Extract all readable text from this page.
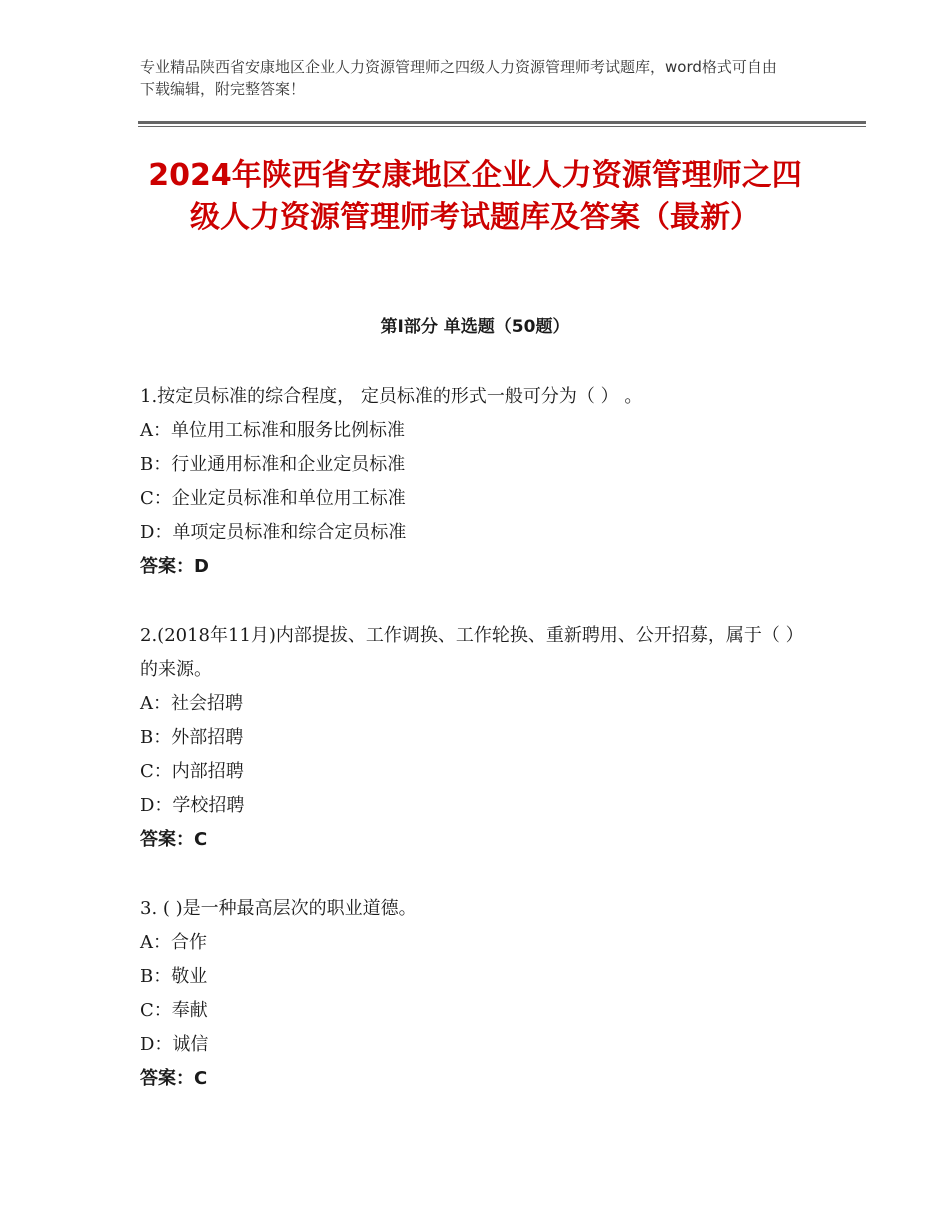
专业精品陕西省安康地区企业人力资源管理师之四级人力资源管理师考试题库，word格式可自由下载编辑，附完整答案！
2024年陕西省安康地区企业人力资源管理师之四级人力资源管理师考试题库及答案（最新）
第Ⅰ部分 单选题（50题）

1.按定员标准的综合程度， 定员标准的形式一般可分为（ ） 。

A：单位用工标准和服务比例标准

B：行业通用标准和企业定员标准

C：企业定员标准和单位用工标准

D：单项定员标准和综合定员标准

答案：D

2.(2018年11月)内部提拔、工作调换、工作轮换、重新聘用、公开招募，属于（ ）的来源。

A：社会招聘

B：外部招聘

C：内部招聘

D：学校招聘

答案：C

3. ( )是一种最高层次的职业道德。

A：合作

B：敬业

C：奉献

D：诚信

答案：C
